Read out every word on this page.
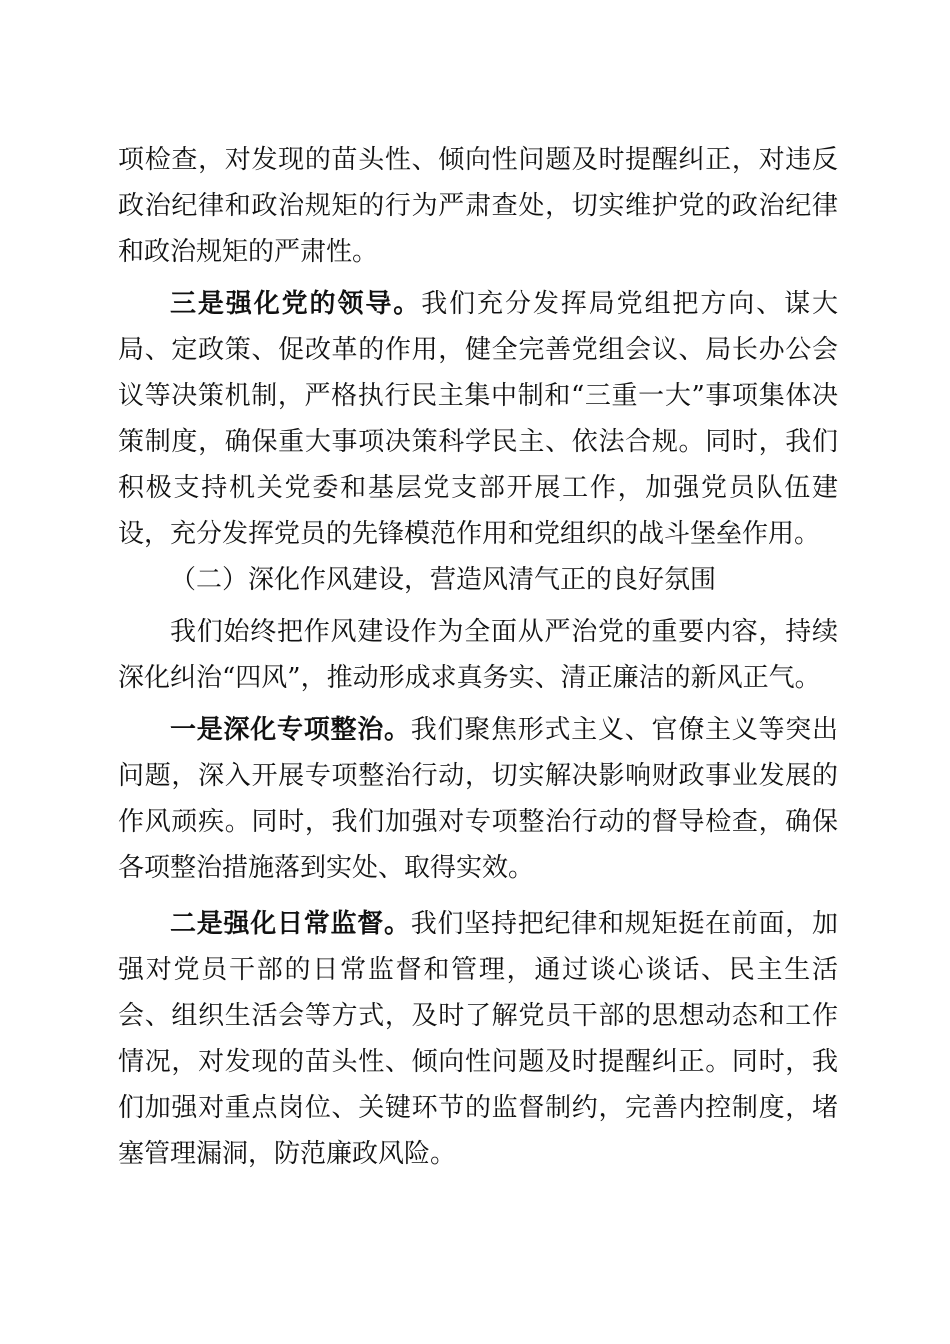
项检查，对发现的苗头性、倾向性问题及时提醒纠正，对违反政治纪律和政治规矩的行为严肃查处，切实维护党的政治纪律和政治规矩的严肃性。

三是强化党的领导。我们充分发挥局党组把方向、谋大局、定政策、促改革的作用，健全完善党组会议、局长办公会议等决策机制，严格执行民主集中制和“三重一大”事项集体决策制度，确保重大事项决策科学民主、依法合规。同时，我们积极支持机关党委和基层党支部开展工作，加强党员队伍建设，充分发挥党员的先锋模范作用和党组织的战斗堡垒作用。

（二）深化作风建设，营造风清气正的良好氛围

我们始终把作风建设作为全面从严治党的重要内容，持续深化纠治“四风”，推动形成求真务实、清正廉洁的新风正气。

一是深化专项整治。我们聚焦形式主义、官僚主义等突出问题，深入开展专项整治行动，切实解决影响财政事业发展的作风顽疾。同时，我们加强对专项整治行动的督导检查，确保各项整治措施落到实处、取得实效。

二是强化日常监督。我们坚持把纪律和规矩挺在前面，加强对党员干部的日常监督和管理，通过谈心谈话、民主生活会、组织生活会等方式，及时了解党员干部的思想动态和工作情况，对发现的苗头性、倾向性问题及时提醒纠正。同时，我们加强对重点岗位、关键环节的监督制约，完善内控制度，堵塞管理漏洞，防范廉政风险。
